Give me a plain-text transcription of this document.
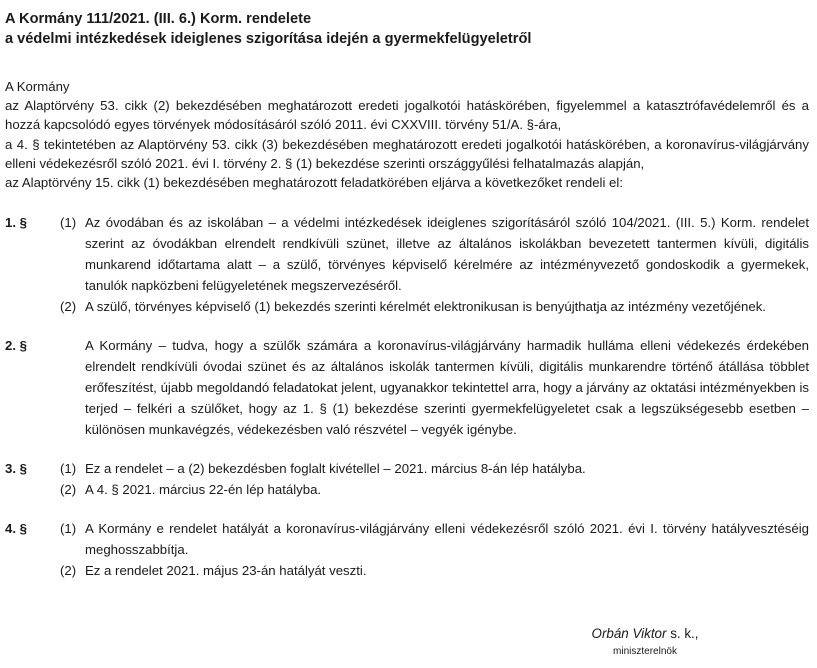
A Kormány 111/2021. (III. 6.) Korm. rendelete
a védelmi intézkedések ideiglenes szigorítása idején a gyermekfelügyeletről

A Kormány

az Alaptörvény 53. cikk (2) bekezdésében meghatározott eredeti jogalkotói hatáskörében, figyelemmel a katasztrófavédelemről és a hozzá kapcsolódó egyes törvények módosításáról szóló 2011. évi CXXVIII. törvény 51/A. §-ára,

a 4. § tekintetében az Alaptörvény 53. cikk (3) bekezdésében meghatározott eredeti jogalkotói hatáskörében, a koronavírus-világjárvány elleni védekezésről szóló 2021. évi I. törvény 2. § (1) bekezdése szerinti országgyűlési felhatalmazás alapján,

az Alaptörvény 15. cikk (1) bekezdésében meghatározott feladatkörében eljárva a következőket rendeli el:

1. §	(1) Az óvodában és az iskolában – a védelmi intézkedések ideiglenes szigorításáról szóló 104/2021. (III. 5.) Korm. rendelet szerint az óvodákban elrendelt rendkívüli szünet, illetve az általános iskolákban bevezetett tantermen kívüli, digitális munkarend időtartama alatt – a szülő, törvényes képviselő kérelmére az intézményvezető gondoskodik a gyermekek, tanulók napközbeni felügyeletének megszervezéséről.

(2) A szülő, törvényes képviselő (1) bekezdés szerinti kérelmét elektronikusan is benyújthatja az intézmény vezetőjének.

2. §	A Kormány – tudva, hogy a szülők számára a koronavírus-világjárvány harmadik hulláma elleni védekezés érdekében elrendelt rendkívüli óvodai szünet és az általános iskolák tantermen kívüli, digitális munkarendre történő átállása többlet erőfeszítést, újabb megoldandó feladatokat jelent, ugyanakkor tekintettel arra, hogy a járvány az oktatási intézményekben is terjed – felkéri a szülőket, hogy az 1. § (1) bekezdése szerinti gyermekfelügyeletet csak a legszükségesebb esetben – különösen munkavégzés, védekezésben való részvétel – vegyék igénybe.

3. §	(1) Ez a rendelet – a (2) bekezdésben foglalt kivétellel – 2021. március 8-án lép hatályba.

(2) A 4. § 2021. március 22-én lép hatályba.

4. §	(1) A Kormány e rendelet hatályát a koronavírus-világjárvány elleni védekezésről szóló 2021. évi I. törvény hatályvesztéséig meghosszabbítja.

(2) Ez a rendelet 2021. május 23-án hatályát veszti.

Orbán Viktor s. k.,
miniszterelnök
